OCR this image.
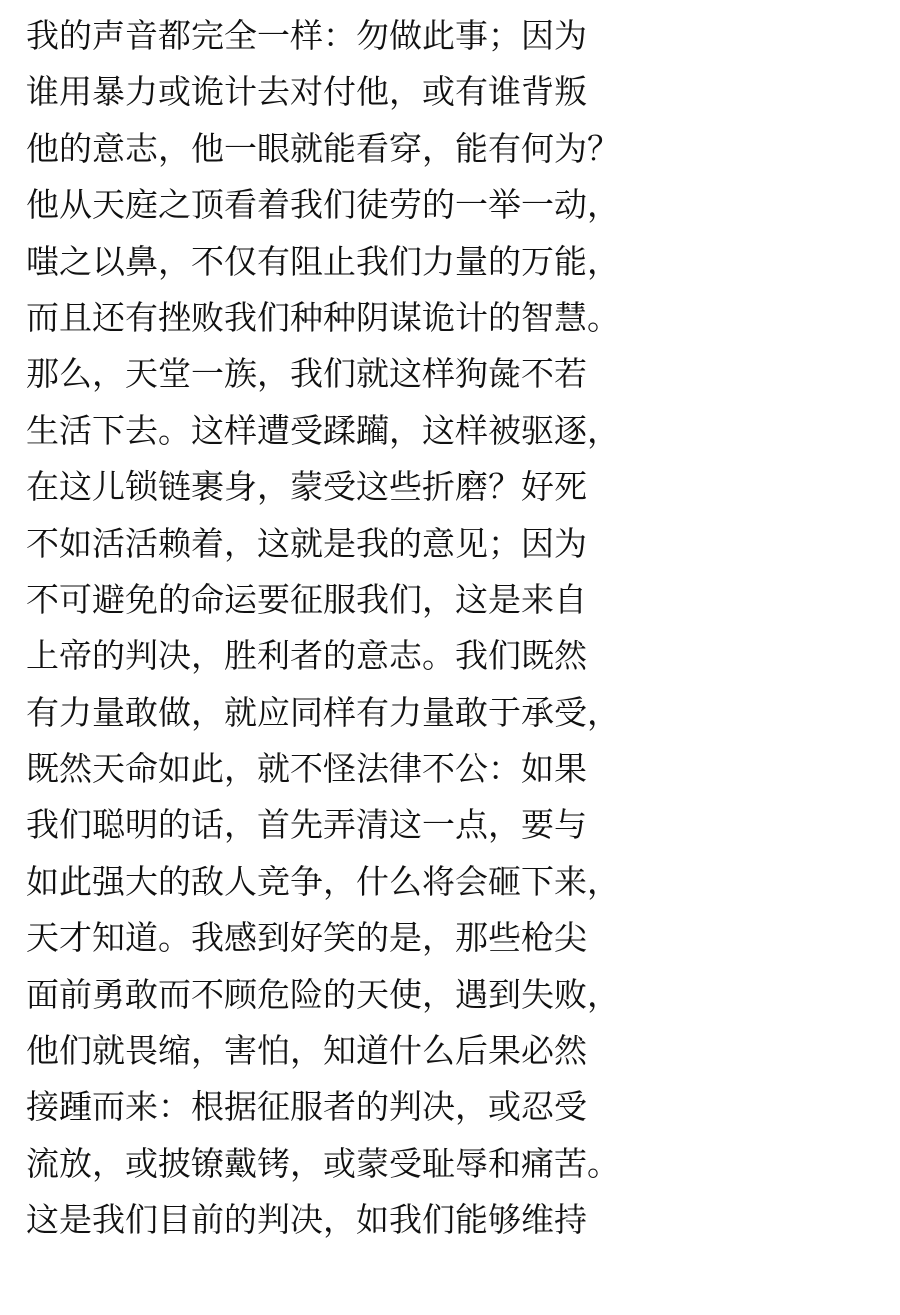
我的声音都完全一样：勿做此事；因为
谁用暴力或诡计去对付他，或有谁背叛
他的意志，他一眼就能看穿，能有何为？
他从天庭之顶看着我们徒劳的一举一动，
嗤之以鼻，不仅有阻止我们力量的万能，
而且还有挫败我们种种阴谋诡计的智慧。
那么，天堂一族，我们就这样狗彘不若
生活下去。这样遭受蹂躏，这样被驱逐，
在这儿锁链裹身，蒙受这些折磨？好死
不如活活赖着，这就是我的意见；因为
不可避免的命运要征服我们，这是来自
上帝的判决，胜利者的意志。我们既然
有力量敢做，就应同样有力量敢于承受，
既然天命如此，就不怪法律不公：如果
我们聪明的话，首先弄清这一点，要与
如此强大的敌人竞争，什么将会砸下来，
天才知道。我感到好笑的是，那些枪尖
面前勇敢而不顾危险的天使，遇到失败，
他们就畏缩，害怕，知道什么后果必然
接踵而来：根据征服者的判决，或忍受
流放，或披镣戴铐，或蒙受耻辱和痛苦。
这是我们目前的判决，如我们能够维持
